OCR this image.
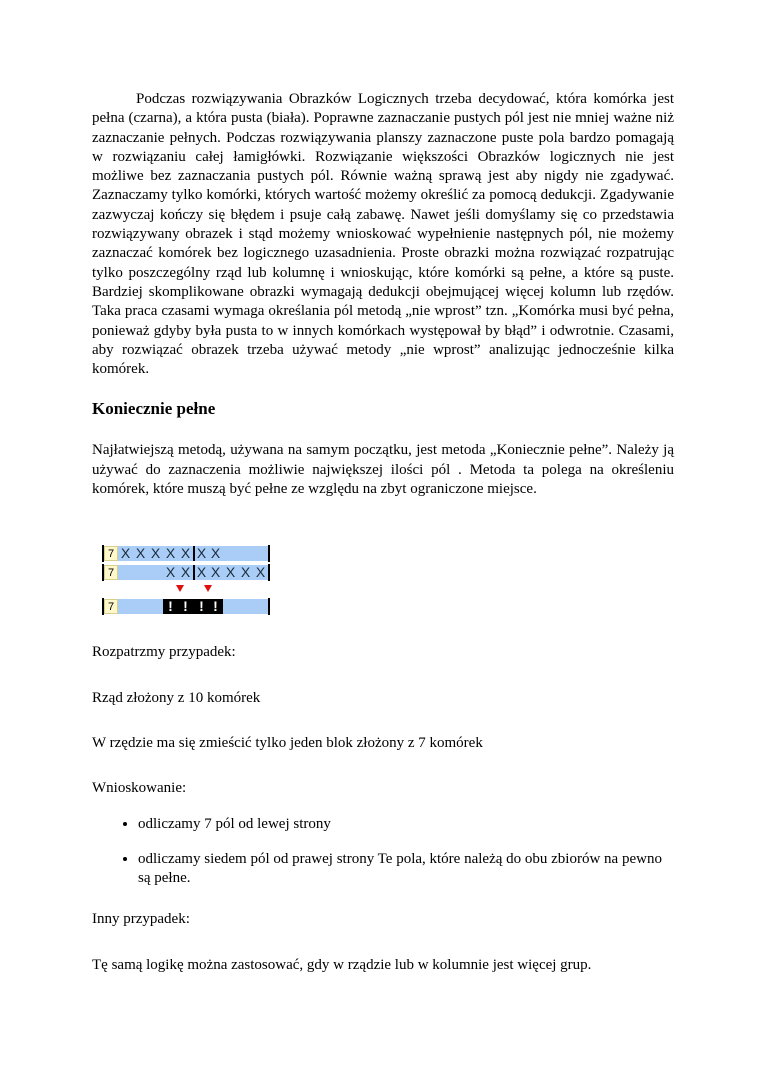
Podczas rozwiązywania Obrazków Logicznych trzeba decydować, która komórka jest pełna (czarna), a która pusta (biała). Poprawne zaznaczanie pustych pól jest nie mniej ważne niż zaznaczanie pełnych. Podczas rozwiązywania planszy zaznaczone puste pola bardzo pomagają w rozwiązaniu całej łamigłówki. Rozwiązanie większości Obrazków logicznych nie jest możliwe bez zaznaczania pustych pól. Równie ważną sprawą jest aby nigdy nie zgadywać. Zaznaczamy tylko komórki, których wartość możemy określić za pomocą dedukcji. Zgadywanie zazwyczaj kończy się błędem i psuje całą zabawę. Nawet jeśli domyślamy się co przedstawia rozwiązywany obrazek i stąd możemy wnioskować wypełnienie następnych pól, nie możemy zaznaczać komórek bez logicznego uzasadnienia. Proste obrazki można rozwiązać rozpatrując tylko poszczególny rząd lub kolumnę i wnioskując, które komórki są pełne, a które są puste. Bardziej skomplikowane obrazki wymagają dedukcji obejmującej więcej kolumn lub rzędów. Taka praca czasami wymaga określania pól metodą „nie wprost” tzn. „Komórka musi być pełna, ponieważ gdyby była pusta to w innych komórkach występował by błąd” i odwrotnie. Czasami, aby rozwiązać obrazek trzeba używać metody „nie wprost” analizując jednocześnie kilka komórek.

Koniecznie pełne

Najłatwiejszą metodą, używana na samym początku, jest metoda „Koniecznie pełne”. Należy ją używać do zaznaczenia możliwie największej ilości pól . Metoda ta polega na określeniu komórek, które muszą być pełne ze względu na zbyt ograniczone miejsce.

7 X X X X X X X
7	X X X X X X X
7	! ! ! !

Rozpatrzmy przypadek:

Rząd złożony z 10 komórek

W rzędzie ma się zmieścić tylko jeden blok złożony z 7 komórek

Wnioskowanie:

• odliczamy 7 pól od lewej strony
• odliczamy siedem pól od prawej strony Te pola, które należą do obu zbiorów na pewno są pełne.

Inny przypadek:

Tę samą logikę można zastosować, gdy w rządzie lub w kolumnie jest więcej grup.
